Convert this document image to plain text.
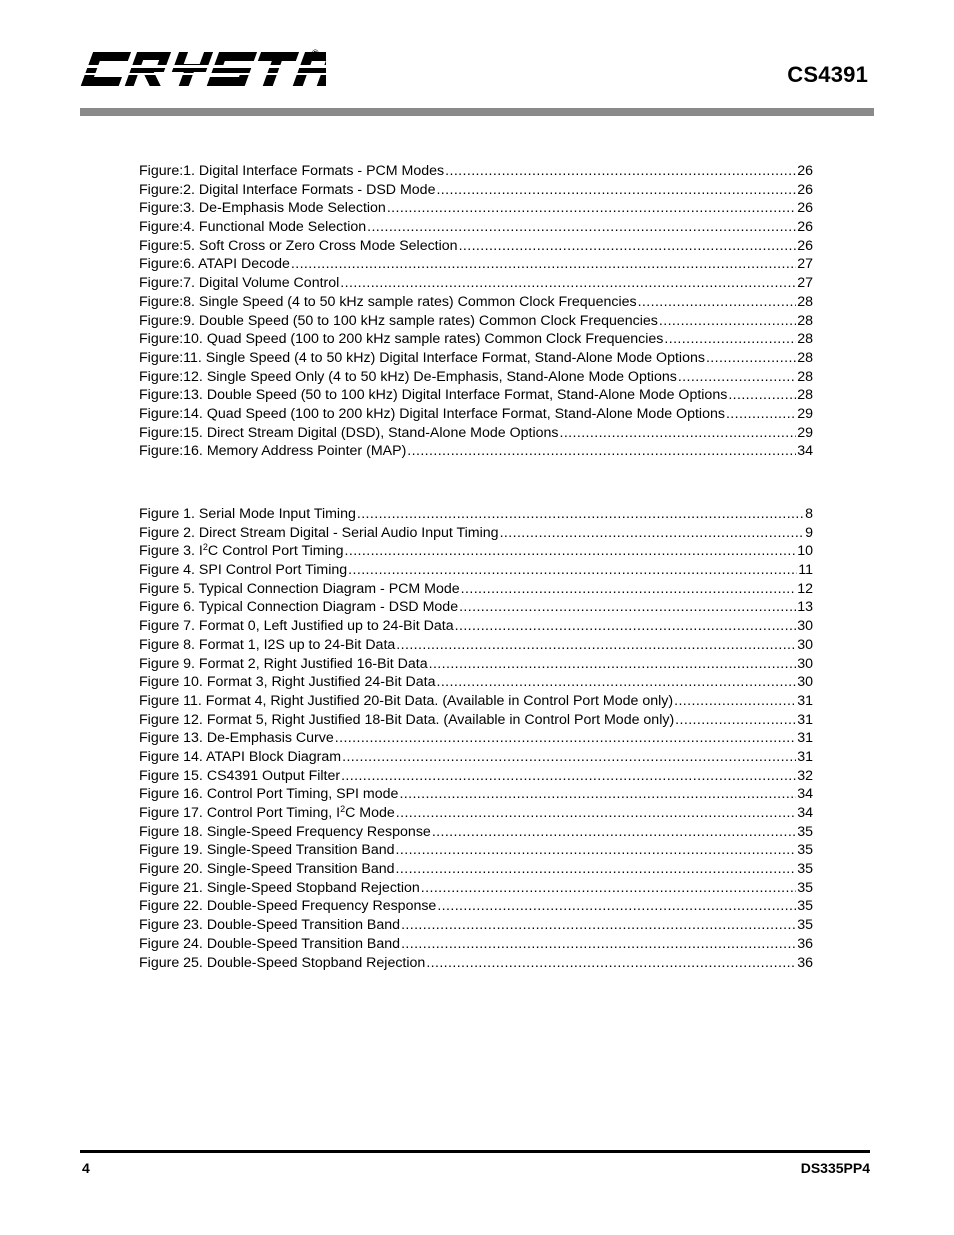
®
CS4391
Figure:1. Digital Interface Formats - PCM Modes .....	26
Figure:2. Digital Interface Formats - DSD Mode .....	26
Figure:3. De-Emphasis Mode Selection .....	26
Figure:4. Functional Mode Selection .....	26
Figure:5. Soft Cross or Zero Cross Mode Selection .....	26
Figure:6. ATAPI Decode .....	27
Figure:7. Digital Volume Control .....	27
Figure:8. Single Speed (4 to 50 kHz sample rates) Common Clock Frequencies .....	28
Figure:9. Double Speed (50 to 100 kHz sample rates) Common Clock Frequencies .....	28
Figure:10. Quad Speed (100 to 200 kHz sample rates) Common Clock Frequencies .....	28
Figure:11. Single Speed (4 to 50 kHz) Digital Interface Format, Stand-Alone Mode Options .....	28
Figure:12. Single Speed Only (4 to 50 kHz) De-Emphasis, Stand-Alone Mode Options .....	28
Figure:13. Double Speed (50 to 100 kHz) Digital Interface Format, Stand-Alone Mode Options .....	28
Figure:14. Quad Speed (100 to 200 kHz) Digital Interface Format, Stand-Alone Mode Options .....	29
Figure:15. Direct Stream Digital (DSD), Stand-Alone Mode Options .....	29
Figure:16. Memory Address Pointer (MAP) .....	34
Figure 1. Serial Mode Input Timing .....	8
Figure 2. Direct Stream Digital - Serial Audio Input Timing .....	9
Figure 3. $I^2C$ Control Port Timing .....	10
Figure 4. SPI Control Port Timing .....	11
Figure 5. Typical Connection Diagram - PCM Mode .....	12
Figure 6. Typical Connection Diagram - DSD Mode .....	13
Figure 7. Format 0, Left Justified up to 24-Bit Data .....	30
Figure 8. Format 1, I2S up to 24-Bit Data .....	30
Figure 9. Format 2, Right Justified 16-Bit Data .....	30
Figure 10. Format 3, Right Justified 24-Bit Data .....	30
Figure 11. Format 4, Right Justified 20-Bit Data. (Available in Control Port Mode only) .....	31
Figure 12. Format 5, Right Justified 18-Bit Data. (Available in Control Port Mode only) .....	31
Figure 13. De-Emphasis Curve .....	31
Figure 14. ATAPI Block Diagram .....	31
Figure 15. CS4391 Output Filter .....	32
Figure 16. Control Port Timing, SPI mode .....	34
Figure 17. Control Port Timing, $I^2C$ Mode .....	34
Figure 18. Single-Speed Frequency Response .....	35
Figure 19. Single-Speed Transition Band .....	35
Figure 20. Single-Speed Transition Band .....	35
Figure 21. Single-Speed Stopband Rejection .....	35
Figure 22. Double-Speed Frequency Response .....	35
Figure 23. Double-Speed Transition Band .....	35
Figure 24. Double-Speed Transition Band .....	36
Figure 25. Double-Speed Stopband Rejection .....	36
4	DS335PP4
